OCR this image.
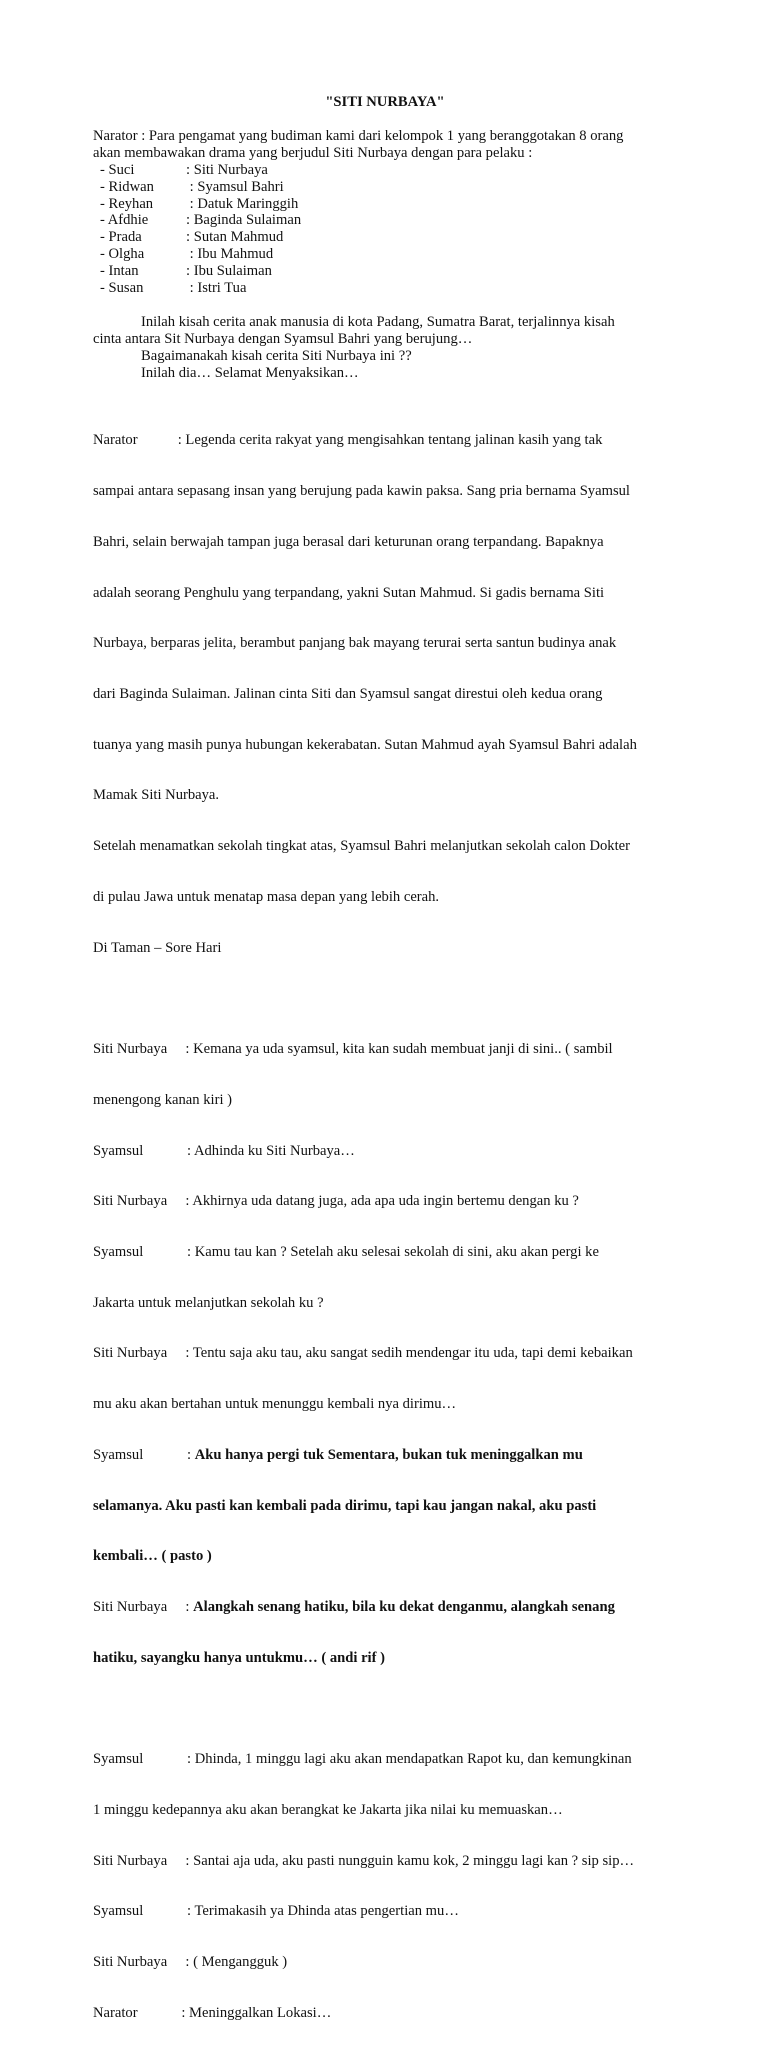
"SITI NURBAYA"
Narator : Para pengamat yang budiman kami dari kelompok 1 yang beranggotakan 8 orang
akan membawakan drama yang berjudul Siti Nurbaya dengan para pelaku :
- Suci	: Siti Nurbaya
- Ridwan : Syamsul Bahri
- Reyhan : Datuk Maringgih
- Afdhie	: Baginda Sulaiman
- Prada	: Sutan Mahmud
- Olgha	: Ibu Mahmud
- Intan	: Ibu Sulaiman
- Susan	: Istri Tua
Inilah kisah cerita anak manusia di kota Padang, Sumatra Barat, terjalinnya kisah
cinta antara Sit Nurbaya dengan Syamsul Bahri yang berujung…
Bagaimanakah kisah cerita Siti Nurbaya ini ??
Inilah dia… Selamat Menyaksikan…

Narator           : Legenda cerita rakyat yang mengisahkan tentang jalinan kasih yang tak

sampai antara sepasang insan yang berujung pada kawin paksa. Sang pria bernama Syamsul

Bahri, selain berwajah tampan juga berasal dari keturunan orang terpandang. Bapaknya

adalah seorang Penghulu yang terpandang, yakni Sutan Mahmud. Si gadis bernama Siti

Nurbaya, berparas jelita, berambut panjang bak mayang terurai serta santun budinya anak

dari Baginda Sulaiman. Jalinan cinta Siti dan Syamsul sangat direstui oleh kedua orang

tuanya yang masih punya hubungan kekerabatan. Sutan Mahmud ayah Syamsul Bahri adalah

Mamak Siti Nurbaya.

Setelah menamatkan sekolah tingkat atas, Syamsul Bahri melanjutkan sekolah calon Dokter

di pulau Jawa untuk menatap masa depan yang lebih cerah.

Di Taman – Sore Hari

Siti Nurbaya     : Kemana ya uda syamsul, kita kan sudah membuat janji di sini.. ( sambil

menengong kanan kiri )

Syamsul            : Adhinda ku Siti Nurbaya…

Siti Nurbaya     : Akhirnya uda datang juga, ada apa uda ingin bertemu dengan ku ?

Syamsul            : Kamu tau kan ? Setelah aku selesai sekolah di sini, aku akan pergi ke

Jakarta untuk melanjutkan sekolah ku ?

Siti Nurbaya     : Tentu saja aku tau, aku sangat sedih mendengar itu uda, tapi demi kebaikan

mu aku akan bertahan untuk menunggu kembali nya dirimu…

Syamsul            : Aku hanya pergi tuk Sementara, bukan tuk meninggalkan mu

selamanya. Aku pasti kan kembali pada dirimu, tapi kau jangan nakal, aku pasti

kembali… ( pasto )

Siti Nurbaya     : Alangkah senang hatiku, bila ku dekat denganmu, alangkah senang

hatiku, sayangku hanya untukmu… ( andi rif )

Syamsul            : Dhinda, 1 minggu lagi aku akan mendapatkan Rapot ku, dan kemungkinan

1 minggu kedepannya aku akan berangkat ke Jakarta jika nilai ku memuaskan…

Siti Nurbaya     : Santai aja uda, aku pasti nungguin kamu kok, 2 minggu lagi kan ? sip sip…

Syamsul            : Terimakasih ya Dhinda atas pengertian mu…

Siti Nurbaya     : ( Mengangguk )

Narator            : Meninggalkan Lokasi…
